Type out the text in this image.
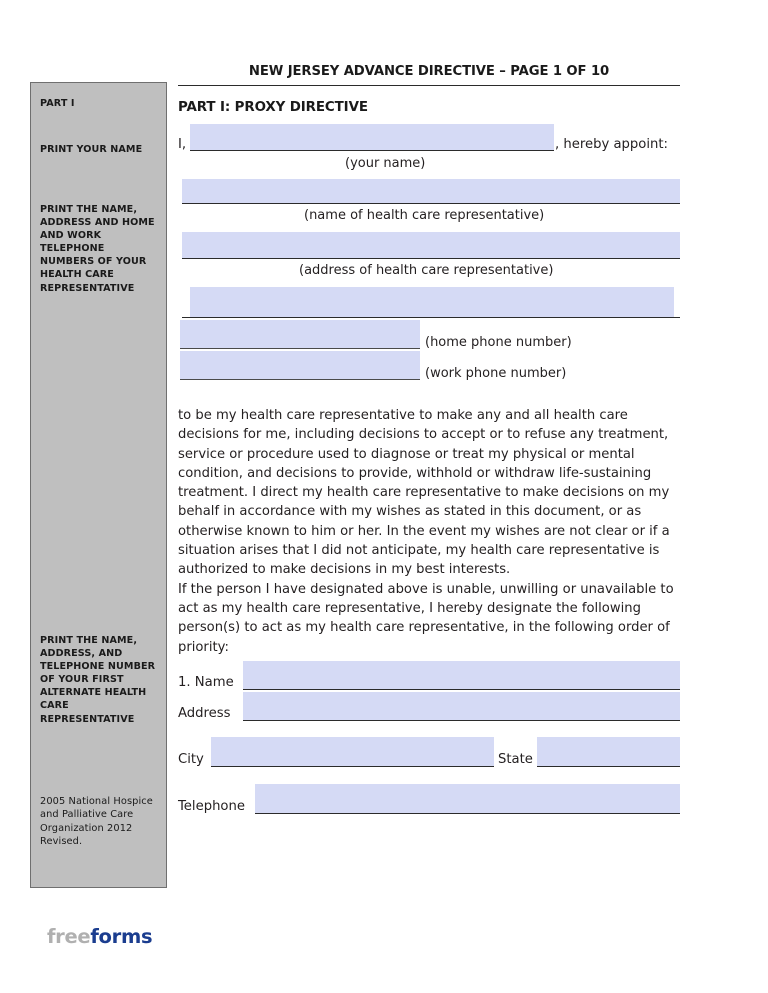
PART I
PRINT YOUR NAME
PRINT THE NAME, ADDRESS AND HOME AND WORK TELEPHONE NUMBERS OF YOUR HEALTH CARE REPRESENTATIVE
PRINT THE NAME, ADDRESS, AND TELEPHONE NUMBER OF YOUR FIRST ALTERNATE HEALTH CARE REPRESENTATIVE
2005 National Hospice and Palliative Care Organization 2012 Revised.
NEW JERSEY ADVANCE DIRECTIVE – PAGE 1 OF 10
PART I: PROXY DIRECTIVE
I,	, hereby appoint:
(your name)
(name of health care representative)
(address of health care representative)
(home phone number)
(work phone number)
to be my health care representative to make any and all health care decisions for me, including decisions to accept or to refuse any treatment, service or procedure used to diagnose or treat my physical or mental condition, and decisions to provide, withhold or withdraw life-sustaining treatment. I direct my health care representative to make decisions on my behalf in accordance with my wishes as stated in this document, or as otherwise known to him or her. In the event my wishes are not clear or if a situation arises that I did not anticipate, my health care representative is authorized to make decisions in my best interests.
If the person I have designated above is unable, unwilling or unavailable to act as my health care representative, I hereby designate the following person(s) to act as my health care representative, in the following order of priority:
1. Name
Address
City	State
Telephone
freeforms
